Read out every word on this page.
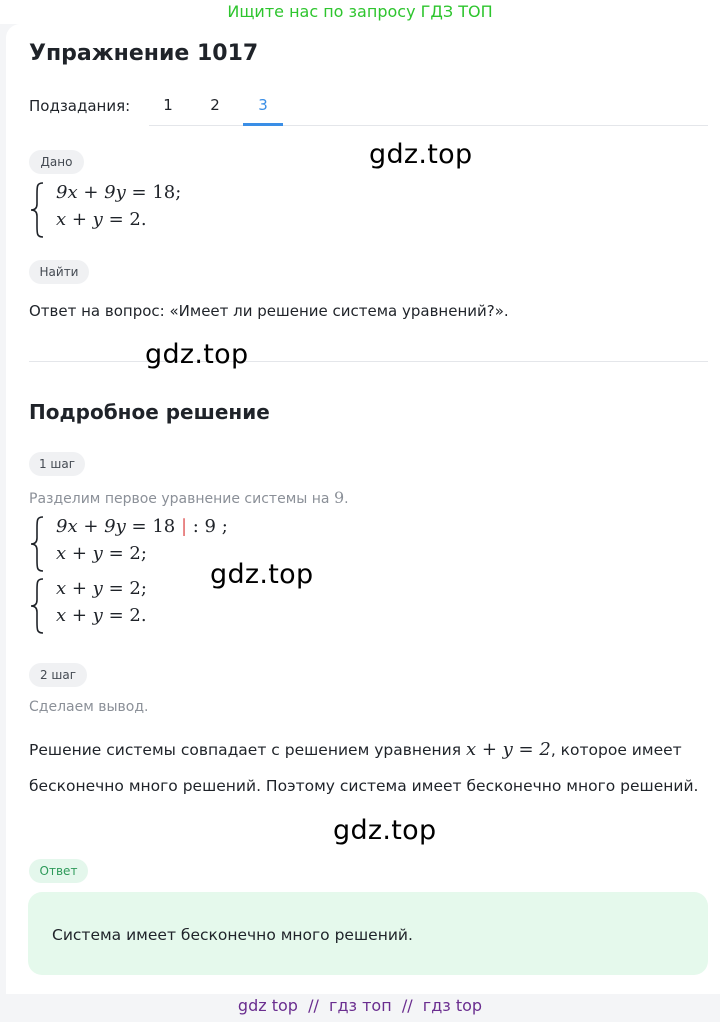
Ищите нас по запросу ГДЗ ТОП
Упражнение 1017
Подзадания:	1	2	3
Дано
9x + 9y = 18;
x + y = 2.
Найти
Ответ на вопрос: «Имеет ли решение система уравнений?».
Подробное решение
1 шаг
Разделим первое уравнение системы на 9.
9x + 9y = 18 | : 9 ;
x + y = 2;
x + y = 2;
x + y = 2.
2 шаг
Сделаем вывод.
Решение системы совпадает с решением уравнения x + y = 2, которое имеет бесконечно много решений. Поэтому система имеет бесконечно много решений.
Ответ
Система имеет бесконечно много решений.
gdz.top
gdz.top
gdz.top
gdz.top
gdz top  //  гдз топ  //  гдз top
